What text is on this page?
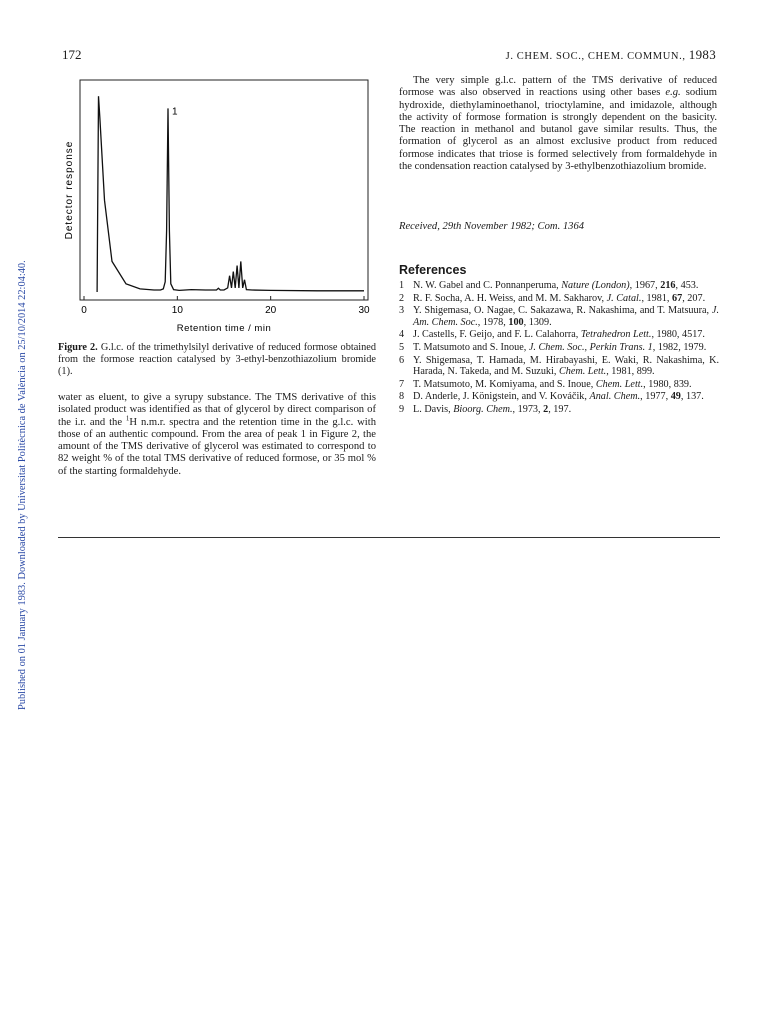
Published on 01 January 1983. Downloaded by Universitat Politècnica de València on 25/10/2014 22:04:40.
172	J. CHEM. SOC., CHEM. COMMUN., 1983
0	10	20	30
1
Detector response
Retention time / min
Figure 2. G.l.c. of the trimethylsilyl derivative of reduced formose obtained from the formose reaction catalysed by 3-ethyl-benzothiazolium bromide (1).

water as eluent, to give a syrupy substance. The TMS derivative of this isolated product was identified as that of glycerol by direct comparison of the i.r. and the $^1$H n.m.r. spectra and the retention time in the g.l.c. with those of an authentic compound. From the area of peak 1 in Figure 2, the amount of the TMS derivative of glycerol was estimated to correspond to 82 weight % of the total TMS derivative of reduced formose, or 35 mol % of the starting formaldehyde.

The very simple g.l.c. pattern of the TMS derivative of reduced formose was also observed in reactions using other bases e.g. sodium hydroxide, diethylaminoethanol, trioctylamine, and imidazole, although the activity of formose formation is strongly dependent on the basicity. The reaction in methanol and butanol gave similar results. Thus, the formation of glycerol as an almost exclusive product from reduced formose indicates that triose is formed selectively from formaldehyde in the condensation reaction catalysed by 3-ethylbenzothiazolium bromide.

Received, 29th November 1982; Com. 1364
References
1 N. W. Gabel and C. Ponnanperuma, Nature (London), 1967, 216, 453.
2 R. F. Socha, A. H. Weiss, and M. M. Sakharov, J. Catal., 1981, 67, 207.
3 Y. Shigemasa, O. Nagae, C. Sakazawa, R. Nakashima, and T. Matsuura, J. Am. Chem. Soc., 1978, 100, 1309.
4 J. Castells, F. Geijo, and F. L. Calahorra, Tetrahedron Lett., 1980, 4517.
5 T. Matsumoto and S. Inoue, J. Chem. Soc., Perkin Trans. 1, 1982, 1979.
6 Y. Shigemasa, T. Hamada, M. Hirabayashi, E. Waki, R. Nakashima, K. Harada, N. Takeda, and M. Suzuki, Chem. Lett., 1981, 899.
7 T. Matsumoto, M. Komiyama, and S. Inoue, Chem. Lett., 1980, 839.
8 D. Anderle, J. Königstein, and V. Kováčik, Anal. Chem., 1977, 49, 137.
9 L. Davis, Bioorg. Chem., 1973, 2, 197.
